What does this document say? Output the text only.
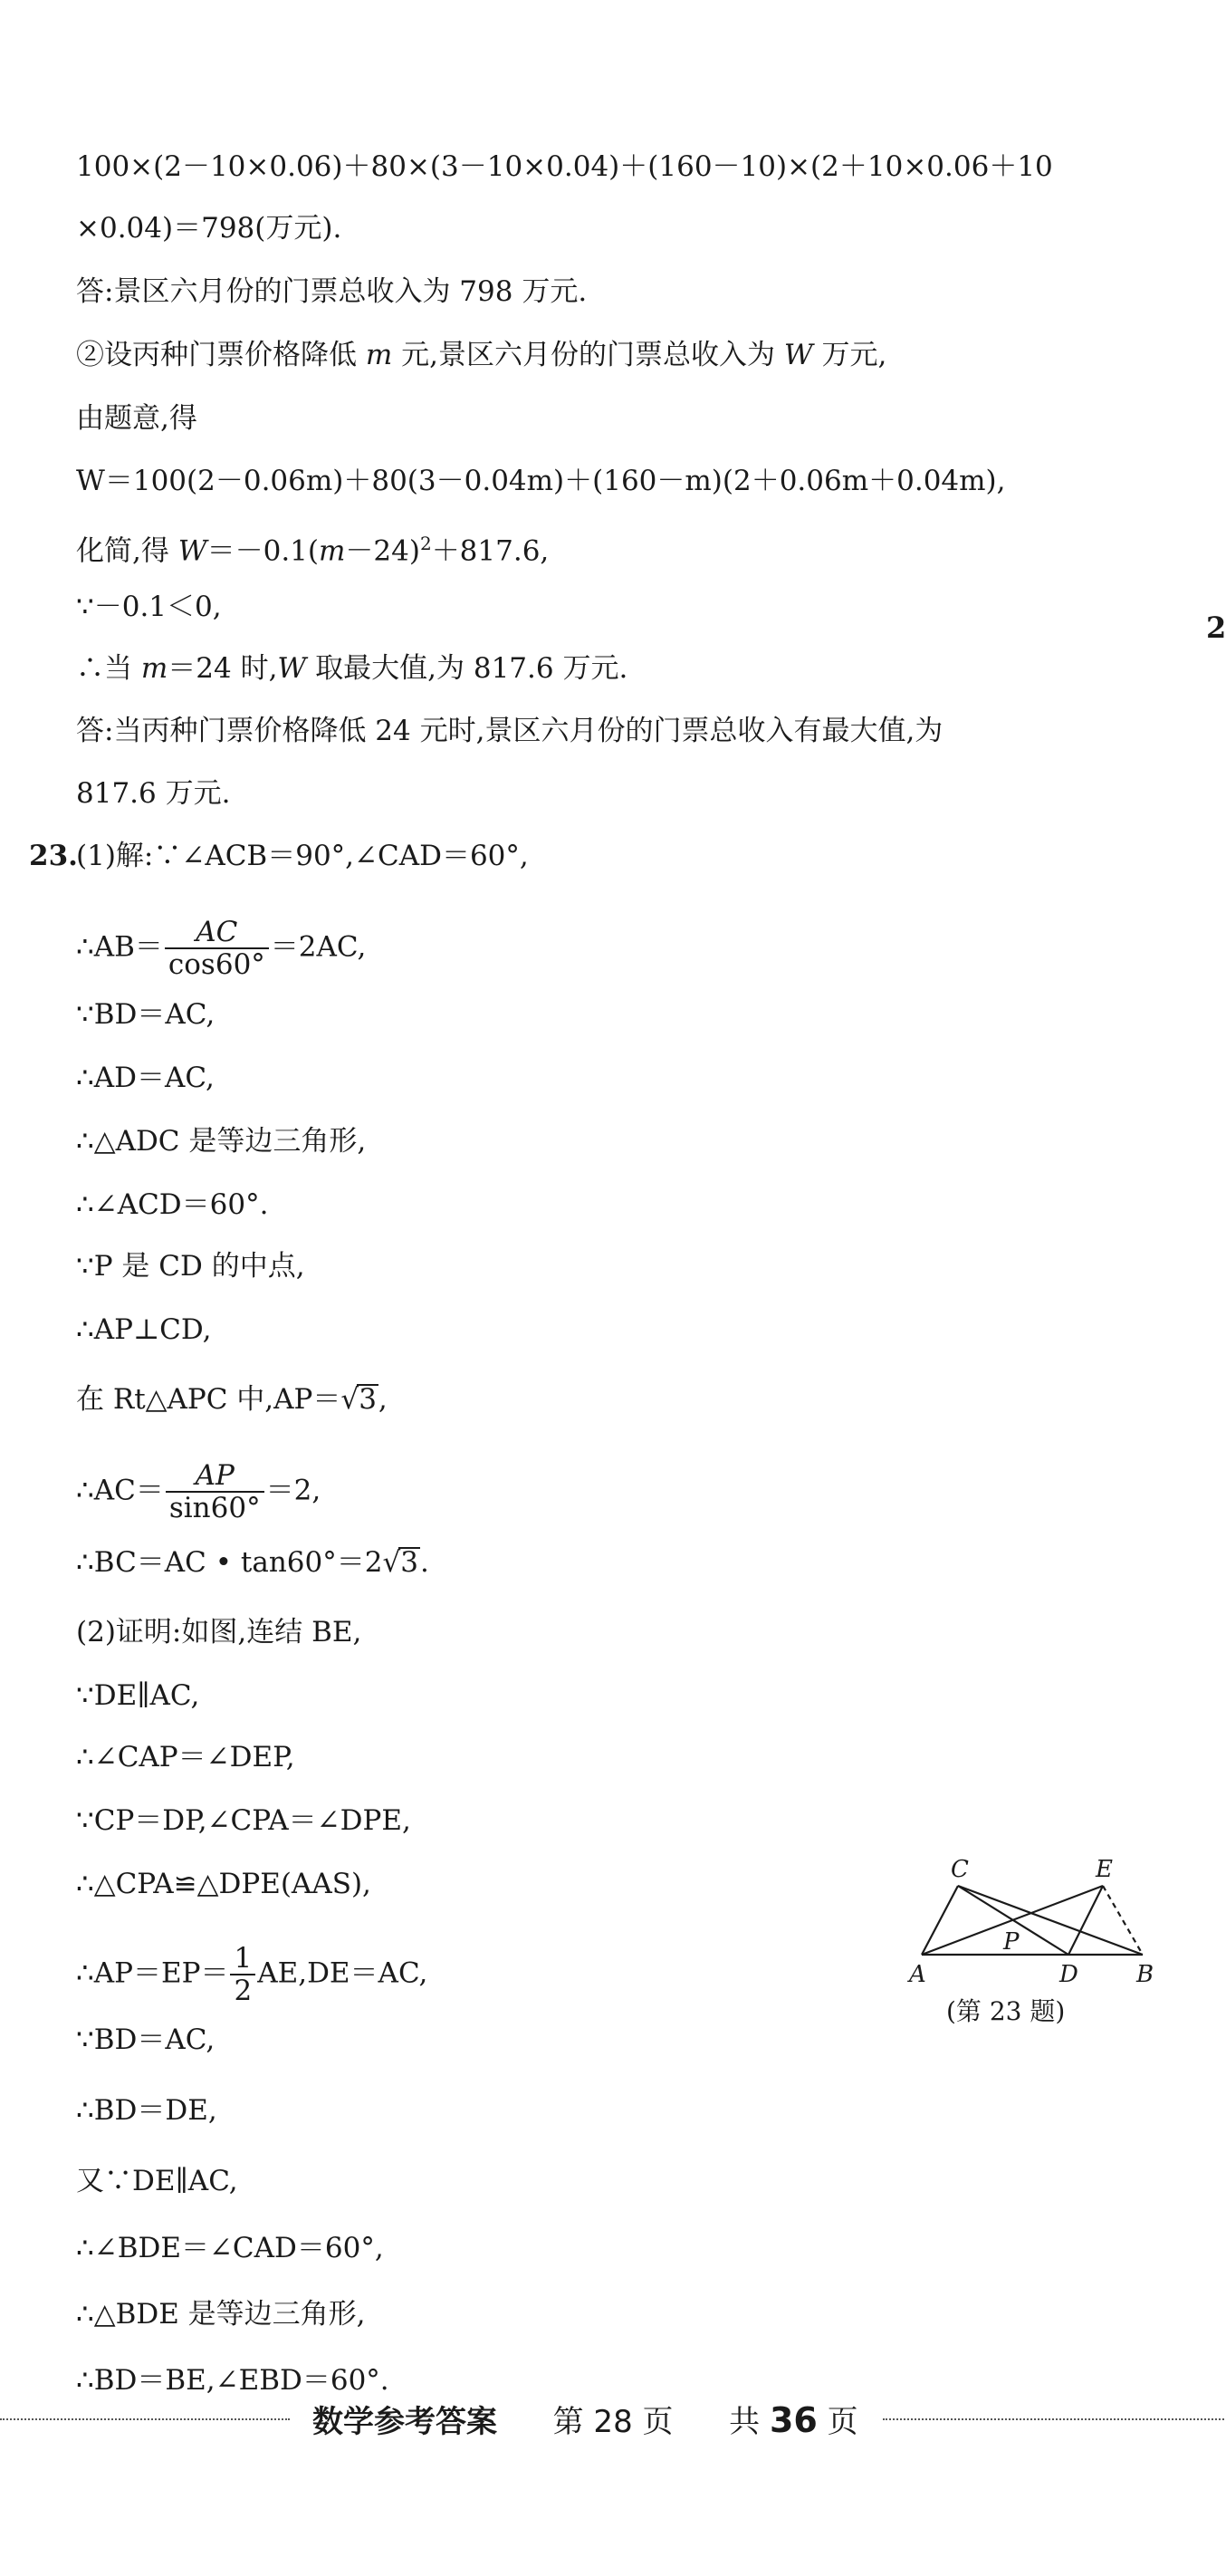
100×(2－10×0.06)＋80×(3－10×0.04)＋(160－10)×(2＋10×0.06＋10
×0.04)＝798(万元).
答:景区六月份的门票总收入为 798 万元.
②设丙种门票价格降低 m 元,景区六月份的门票总收入为 W 万元,
由题意,得
W＝100(2－0.06m)＋80(3－0.04m)＋(160－m)(2＋0.06m＋0.04m),
化简,得 $W=-0.1(m-24)^2+817.6$,
∵－0.1＜0,
∴当 m＝24 时,W 取最大值,为 817.6 万元.
答:当丙种门票价格降低 24 元时,景区六月份的门票总收入有最大值,为
817.6 万元.
2
23.
(1)解:∵∠ACB＝90°,∠CAD＝60°,
∴AB＝ $\frac{AC}{\cos 60^\circ} =2AC$,
∵BD＝AC,
∴AD＝AC,
∴△ADC 是等边三角形,
∴∠ACD＝60°.
∵P 是 CD 的中点,
∴AP⊥CD,
在 Rt△APC 中,AP＝√3,
∴AC＝ $\frac{AP}{\sin 60^\circ} =2$,
∴BC＝AC • tan60°＝2√3.
(2)证明:如图,连结 BE,
∵DE∥AC,
∴∠CAP＝∠DEP,
∵CP＝DP,∠CPA＝∠DPE,
∴△CPA≌△DPE(AAS),
∴AP＝EP＝ $\frac{1}{2} AE,DE=AC$,
∵BD＝AC,
∴BD＝DE,
又∵DE∥AC,
∴∠BDE＝∠CAD＝60°,
∴△BDE 是等边三角形,
∴BD＝BE,∠EBD＝60°.
C	E
P
A	D B
(第 23 题)
数学参考答案 第 28 页 共 36 页
